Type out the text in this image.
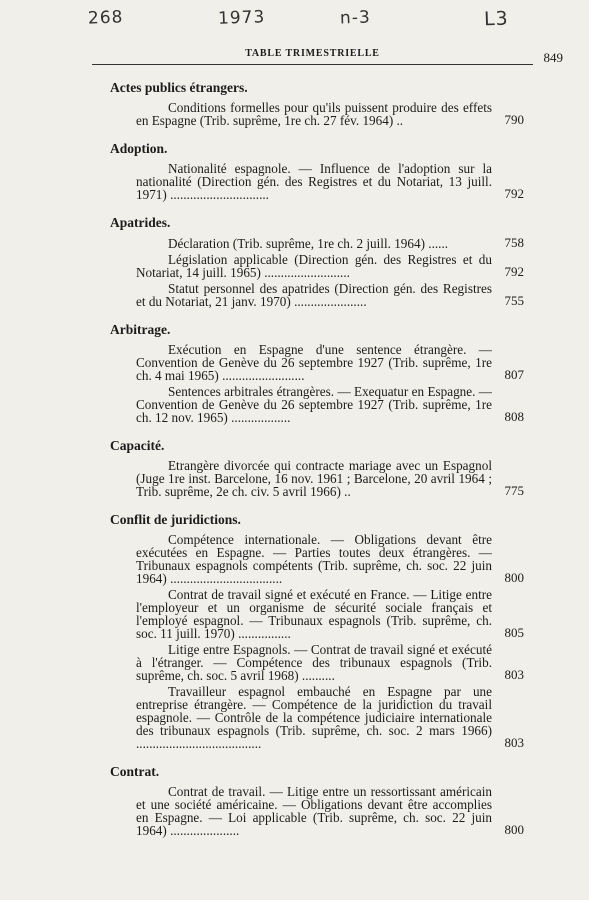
268	1973	n-3	L3
TABLE TRIMESTRIELLE	849
Actes publics étrangers.
Conditions formelles pour qu'ils puissent produire des effets en Espagne (Trib. suprême, 1re ch. 27 fév. 1964) ..	790
Adoption.
Nationalité espagnole. — Influence de l'adoption sur la nationalité (Direction gén. des Registres et du Notariat, 13 juill. 1971) ..............................	792
Apatrides.
Déclaration (Trib. suprême, 1re ch. 2 juill. 1964) ......	758
Législation applicable (Direction gén. des Registres et du Notariat, 14 juill. 1965) ..........................	792
Statut personnel des apatrides (Direction gén. des Registres et du Notariat, 21 janv. 1970) ......................	755
Arbitrage.
Exécution en Espagne d'une sentence étrangère. — Convention de Genève du 26 septembre 1927 (Trib. suprême, 1re ch. 4 mai 1965) .........................	807
Sentences arbitrales étrangères. — Exequatur en Espagne. — Convention de Genève du 26 septembre 1927 (Trib. suprême, 1re ch. 12 nov. 1965) ..................	808
Capacité.
Etrangère divorcée qui contracte mariage avec un Espagnol (Juge 1re inst. Barcelone, 16 nov. 1961 ; Barcelone, 20 avril 1964 ; Trib. suprême, 2e ch. civ. 5 avril 1966) ..	775
Conflit de juridictions.
Compétence internationale. — Obligations devant être exécutées en Espagne. — Parties toutes deux étrangères. — Tribunaux espagnols compétents (Trib. suprême, ch. soc. 22 juin 1964) ..................................	800
Contrat de travail signé et exécuté en France. — Litige entre l'employeur et un organisme de sécurité sociale français et l'employé espagnol. — Tribunaux espagnols (Trib. suprême, ch. soc. 11 juill. 1970) ................	805
Litige entre Espagnols. — Contrat de travail signé et exécuté à l'étranger. — Compétence des tribunaux espagnols (Trib. suprême, ch. soc. 5 avril 1968) ..........	803
Travailleur espagnol embauché en Espagne par une entreprise étrangère. — Compétence de la juridiction du travail espagnole. — Contrôle de la compétence judiciaire internationale des tribunaux espagnols (Trib. suprême, ch. soc. 2 mars 1966) ......................................	803
Contrat.
Contrat de travail. — Litige entre un ressortissant américain et une société américaine. — Obligations devant être accomplies en Espagne. — Loi applicable (Trib. suprême, ch. soc. 22 juin 1964) .....................	800
